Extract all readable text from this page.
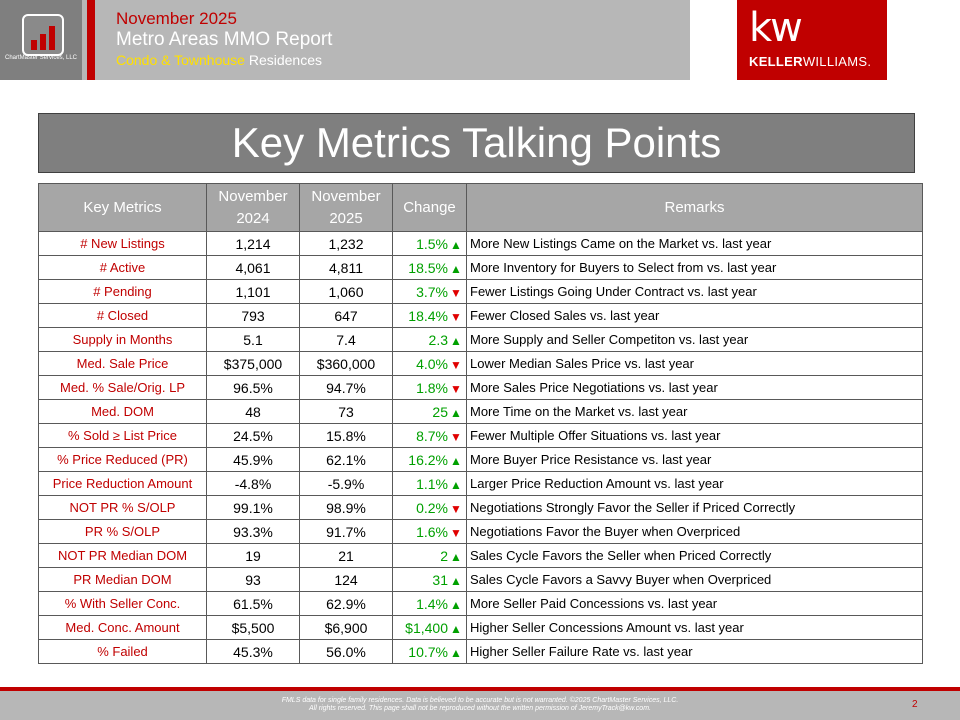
ChartMaster Services, LLC
November 2025
Metro Areas MMO Report
Condo & Townhouse Residences
kw
KELLERWILLIAMS.
Key Metrics Talking Points
Key Metrics	November 2024	November 2025	Change	Remarks
# New Listings	1,214	1,232	1.5% ▲	More New Listings Came on the Market vs. last year
# Active	4,061	4,811	18.5% ▲	More Inventory for Buyers to Select from vs. last year
# Pending	1,101	1,060	3.7% ▼	Fewer Listings Going Under Contract vs. last year
# Closed	793	647	18.4% ▼	Fewer Closed Sales vs. last year
Supply in Months	5.1	7.4	2.3 ▲	More Supply and Seller Competiton vs. last year
Med. Sale Price	$375,000	$360,000	4.0% ▼	Lower Median Sales Price vs. last year
Med. % Sale/Orig. LP	96.5%	94.7%	1.8% ▼	More Sales Price Negotiations vs. last year
Med. DOM	48	73	25 ▲	More Time on the Market vs. last year
% Sold ≥ List Price	24.5%	15.8%	8.7% ▼	Fewer Multiple Offer Situations vs. last year
% Price Reduced (PR)	45.9%	62.1%	16.2% ▲	More Buyer Price Resistance vs. last year
Price Reduction Amount	-4.8%	-5.9%	1.1% ▲	Larger Price Reduction Amount vs. last year
NOT PR % S/OLP	99.1%	98.9%	0.2% ▼	Negotiations Strongly Favor the Seller if Priced Correctly
PR % S/OLP	93.3%	91.7%	1.6% ▼	Negotiations Favor the Buyer when Overpriced
NOT PR Median DOM	19	21	2 ▲	Sales Cycle Favors the Seller when Priced Correctly
PR Median DOM	93	124	31 ▲	Sales Cycle Favors a Savvy Buyer when Overpriced
% With Seller Conc.	61.5%	62.9%	1.4% ▲	More Seller Paid Concessions vs. last year
Med. Conc. Amount	$5,500	$6,900	$1,400 ▲	Higher Seller Concessions Amount vs. last year
% Failed	45.3%	56.0%	10.7% ▲	Higher Seller Failure Rate vs. last year
FMLS data for single family residences. Data is believed to be accurate but is not warranted. ©2025 ChartMaster Services, LLC.
All rights reserved. This page shall not be reproduced without the written permission of JeremyTrack@kw.com.	2
